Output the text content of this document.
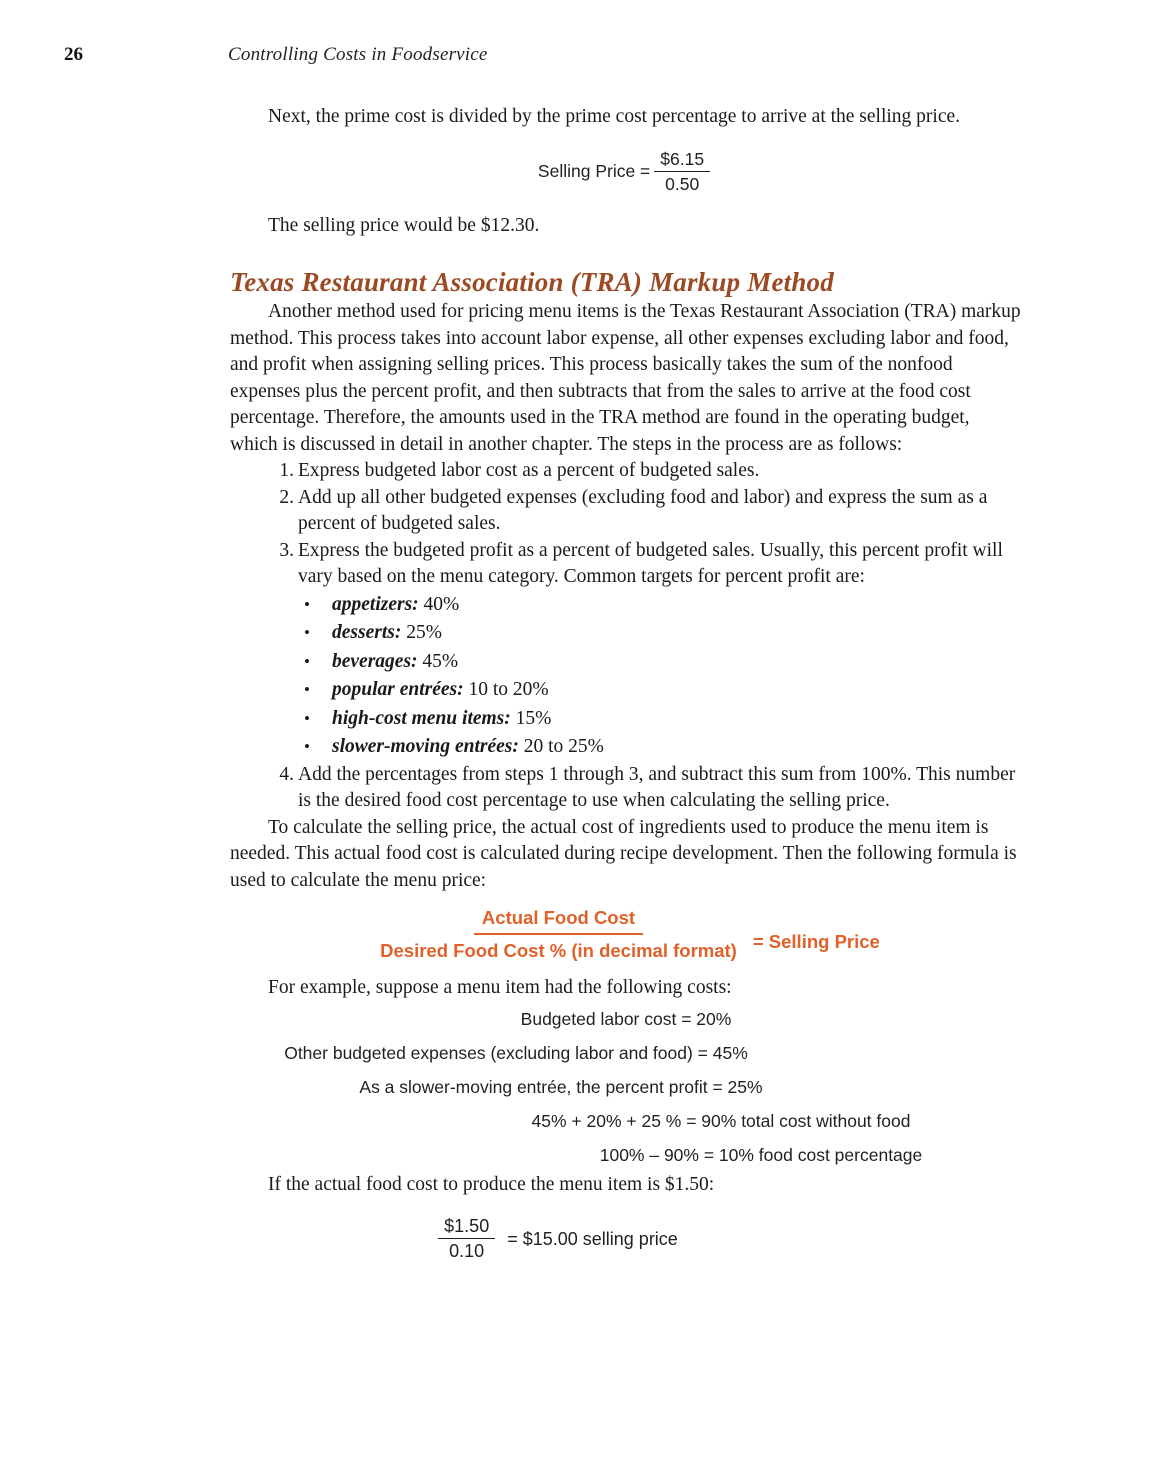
26	Controlling Costs in Foodservice

Next, the prime cost is divided by the prime cost percentage to arrive at the selling price.

Selling Price = $\frac{\$6.15}{0.50}$

The selling price would be $12.30.

Texas Restaurant Association (TRA) Markup Method

Another method used for pricing menu items is the Texas Restaurant Association (TRA) markup method. This process takes into account labor expense, all other expenses excluding labor and food, and profit when assigning selling prices. This process basically takes the sum of the nonfood expenses plus the percent profit, and then subtracts that from the sales to arrive at the food cost percentage. Therefore, the amounts used in the TRA method are found in the operating budget, which is discussed in detail in another chapter. The steps in the process are as follows:

1. Express budgeted labor cost as a percent of budgeted sales.
2. Add up all other budgeted expenses (excluding food and labor) and express the sum as a percent of budgeted sales.
3. Express the budgeted profit as a percent of budgeted sales. Usually, this percent profit will vary based on the menu category. Common targets for percent profit are:
• appetizers: 40%
• desserts: 25%
• beverages: 45%
• popular entrées: 10 to 20%
• high-cost menu items: 15%
• slower-moving entrées: 20 to 25%
4. Add the percentages from steps 1 through 3, and subtract this sum from 100%. This number is the desired food cost percentage to use when calculating the selling price.

To calculate the selling price, the actual cost of ingredients used to produce the menu item is needed. This actual food cost is calculated during recipe development. Then the following formula is used to calculate the menu price:

$\frac{\text{Actual Food Cost}}{\text{Desired Food Cost \% (in decimal format)}}$ = Selling Price

For example, suppose a menu item had the following costs:

Budgeted labor cost = 20%
Other budgeted expenses (excluding labor and food) = 45%
As a slower-moving entrée, the percent profit = 25%
45% + 20% + 25 % = 90% total cost without food
100% – 90% = 10% food cost percentage

If the actual food cost to produce the menu item is $1.50:

$\frac{\$1.50}{0.10}$ = $15.00 selling price
